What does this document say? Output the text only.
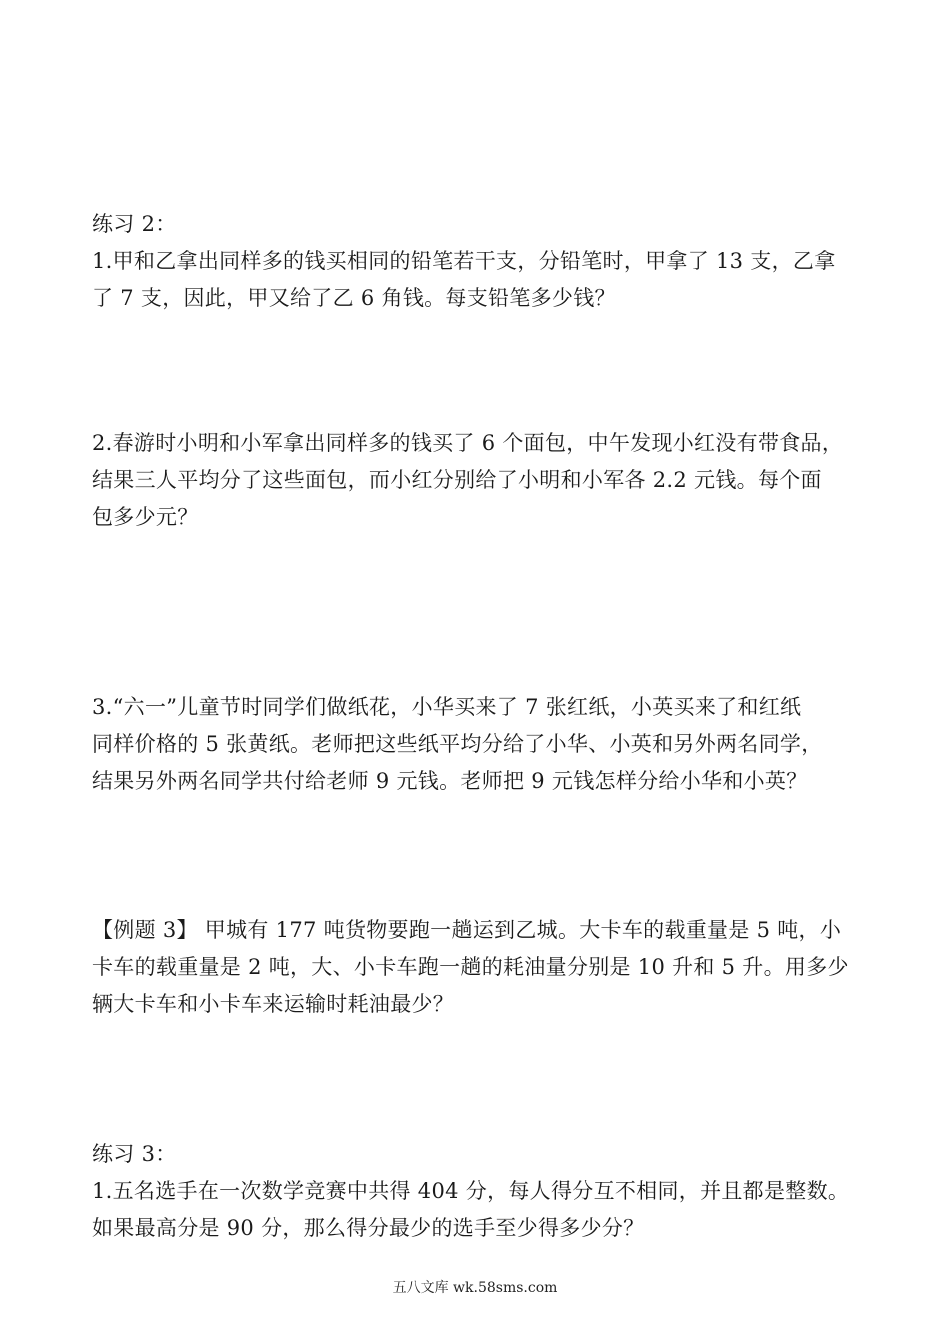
练习 2：
1.甲和乙拿出同样多的钱买相同的铅笔若干支，分铅笔时，甲拿了 13 支，乙拿
了 7 支，因此，甲又给了乙 6 角钱。每支铅笔多少钱？
2.春游时小明和小军拿出同样多的钱买了 6 个面包，中午发现小红没有带食品，
结果三人平均分了这些面包，而小红分别给了小明和小军各 2.2 元钱。每个面
包多少元？
3.“六一”儿童节时同学们做纸花，小华买来了 7 张红纸，小英买来了和红纸
同样价格的 5 张黄纸。老师把这些纸平均分给了小华、小英和另外两名同学，
结果另外两名同学共付给老师 9 元钱。老师把 9 元钱怎样分给小华和小英？
【例题 3】 甲城有 177 吨货物要跑一趟运到乙城。大卡车的载重量是 5 吨，小
卡车的载重量是 2 吨，大、小卡车跑一趟的耗油量分别是 10 升和 5 升。用多少
辆大卡车和小卡车来运输时耗油最少？
练习 3：
1.五名选手在一次数学竞赛中共得 404 分，每人得分互不相同，并且都是整数。
如果最高分是 90 分，那么得分最少的选手至少得多少分？
五八文库 wk.58sms.com
